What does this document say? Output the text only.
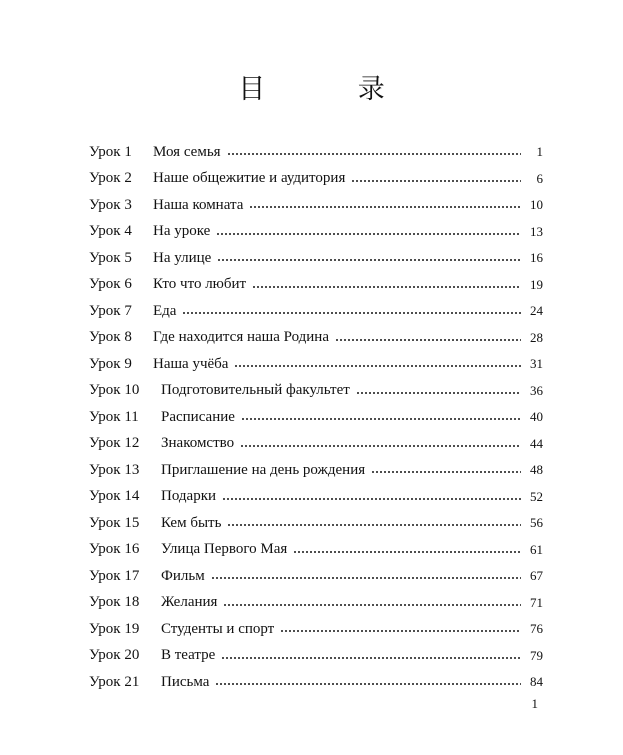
目 录
Урок 1	Моя семья	1
Урок 2	Наше общежитие и аудитория	6
Урок 3	Наша комната	10
Урок 4	На уроке	13
Урок 5	На улице	16
Урок 6	Кто что любит	19
Урок 7	Еда	24
Урок 8	Где находится наша Родина	28
Урок 9	Наша учёба	31
Урок 10	Подготовительный факультет	36
Урок 11	Расписание	40
Урок 12	Знакомство	44
Урок 13	Приглашение на день рождения	48
Урок 14	Подарки	52
Урок 15	Кем быть	56
Урок 16	Улица Первого Мая	61
Урок 17	Фильм	67
Урок 18	Желания	71
Урок 19	Студенты и спорт	76
Урок 20	В театре	79
Урок 21	Письма	84
1
